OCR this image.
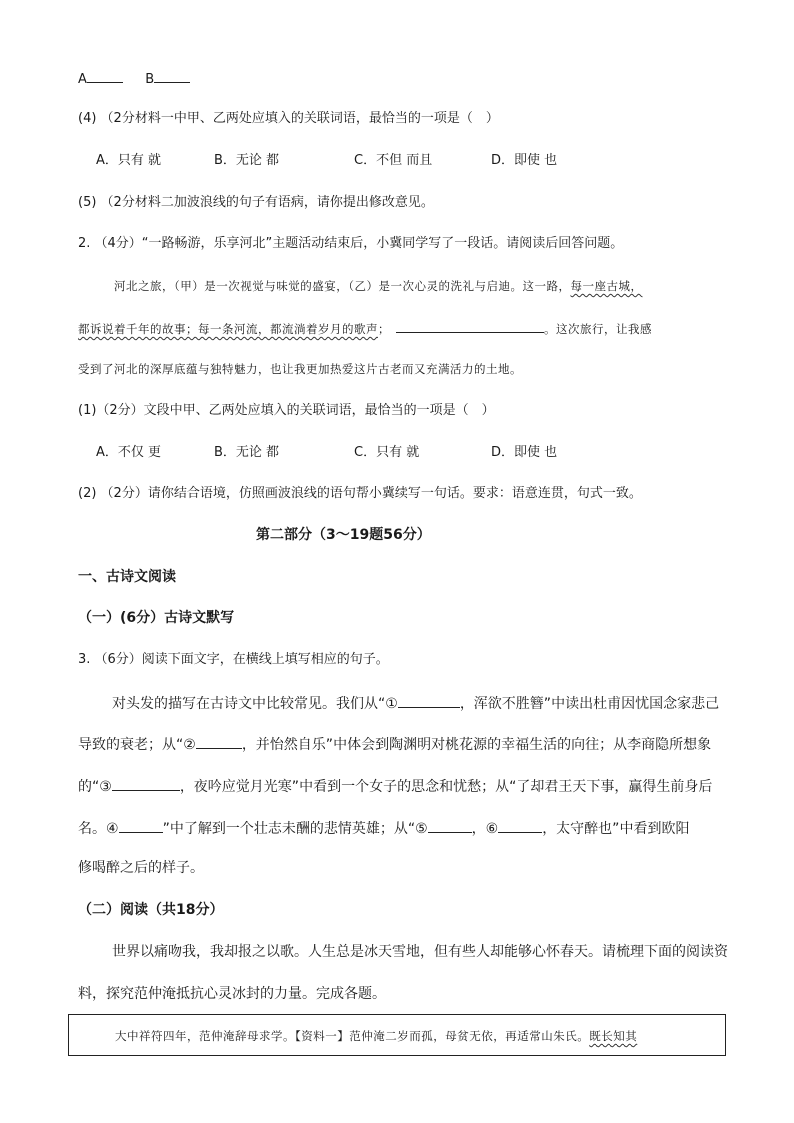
A	B
(4) （2分材料一中甲、乙两处应填入的关联词语，最恰当的一项是（　）
A．只有 就	B．无论 都	C．不但 而且	D．即使 也
(5) （2分材料二加波浪线的句子有语病，请你提出修改意见。
2. （4分）“一路畅游，乐享河北”主题活动结束后，小冀同学写了一段话。请阅读后回答问题。
河北之旅，（甲）是一次视觉与味觉的盛宴，（乙）是一次心灵的洗礼与启迪。这一路，每一座古城，
都诉说着千年的故事；每一条河流，都流淌着岁月的歌声；	。这次旅行，让我感
受到了河北的深厚底蕴与独特魅力，也让我更加热爱这片古老而又充满活力的土地。
(1)（2分）文段中甲、乙两处应填入的关联词语，最恰当的一项是（　）
A．不仅 更	B．无论 都	C．只有 就	D．即使 也
(2) （2分）请你结合语境，仿照画波浪线的语句帮小冀续写一句话。要求：语意连贯，句式一致。
第二部分（3～19题56分）
一、古诗文阅读
（一）(6分）古诗文默写
3. （6分）阅读下面文字，在横线上填写相应的句子。
对头发的描写在古诗文中比较常见。我们从“①	，浑欲不胜簪”中读出杜甫因忧国念家悲己
导致的衰老；从“②	，并怡然自乐”中体会到陶渊明对桃花源的幸福生活的向往；从李商隐所想象
的“③	，夜吟应觉月光寒”中看到一个女子的思念和忧愁；从“了却君王天下事，赢得生前身后
名。④	”中了解到一个壮志未酬的悲情英雄；从“⑤	，⑥	，太守醉也”中看到欧阳
修喝醉之后的样子。
（二）阅读（共18分）
世界以痛吻我，我却报之以歌。人生总是冰天雪地，但有些人却能够心怀春天。请梳理下面的阅读资
料，探究范仲淹抵抗心灵冰封的力量。完成各题。
大中祥符四年，范仲淹辞母求学。【资料一】范仲淹二岁而孤，母贫无依，再适常山朱氏。既长知其
